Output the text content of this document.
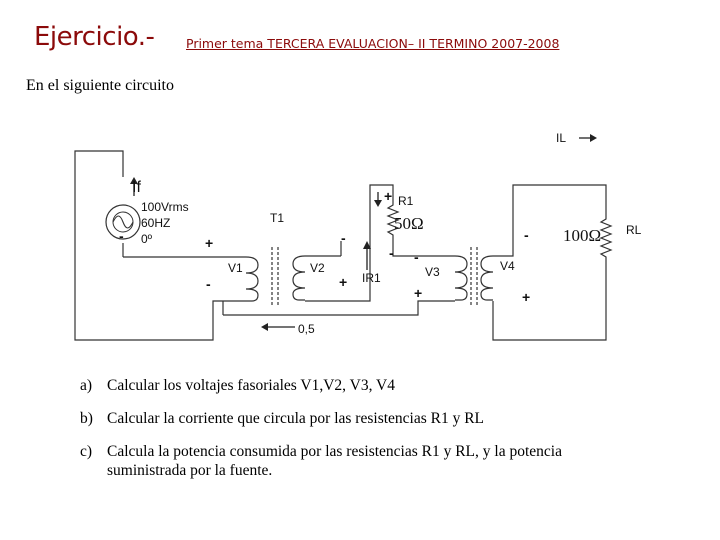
Ejercicio.-	Primer tema TERCERA EVALUACION– II TERMINO 2007-2008
En el siguiente circuito
IL
If
100Vrms
60HZ
0º
T1
R1
50Ω
IR1
100Ω RL
V1	V2	V3	V4
0,5
+
-	+
-
-
+
- -
+
-
+
a) Calcular los voltajes fasoriales V1,V2, V3, V4
b) Calcular la corriente que circula por las resistencias R1 y RL
c) Calcula la potencia consumida por las resistencias R1 y RL, y la potencia suministrada por la fuente.
